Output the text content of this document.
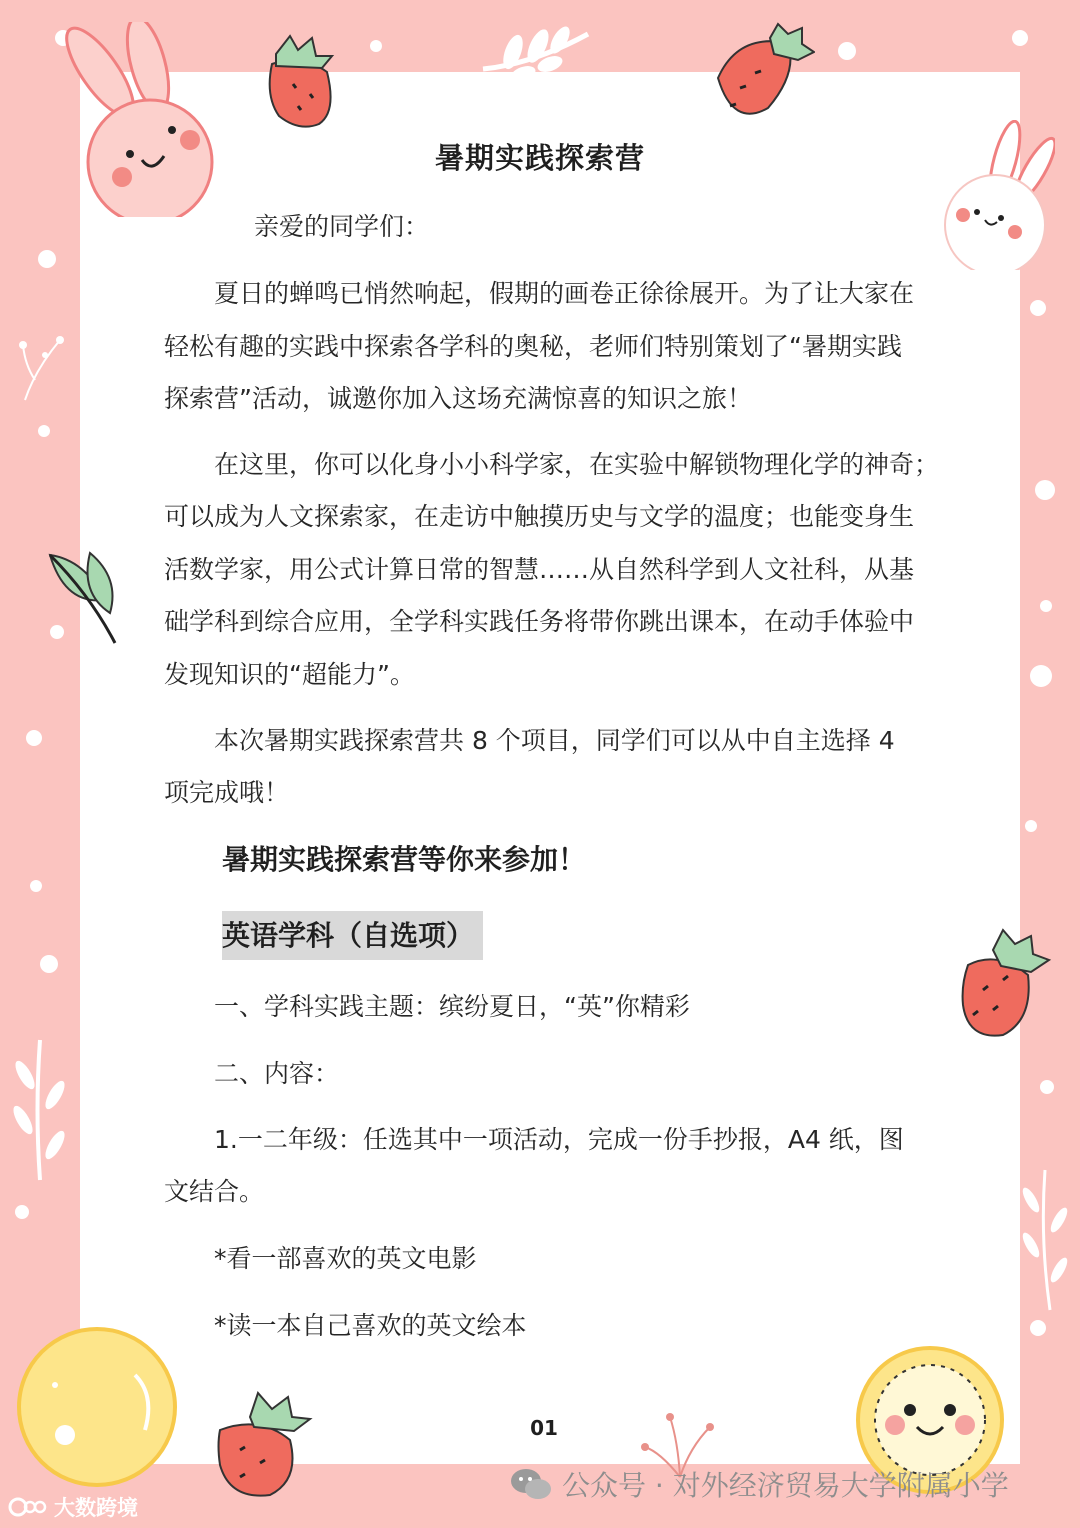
暑期实践探索营
亲爱的同学们：
夏日的蝉鸣已悄然响起，假期的画卷正徐徐展开。为了让大家在
轻松有趣的实践中探索各学科的奥秘，老师们特别策划了“暑期实践
探索营”活动，诚邀你加入这场充满惊喜的知识之旅！
在这里，你可以化身小小科学家，在实验中解锁物理化学的神奇；
可以成为人文探索家，在走访中触摸历史与文学的温度；也能变身生
活数学家，用公式计算日常的智慧……从自然科学到人文社科，从基
础学科到综合应用，全学科实践任务将带你跳出课本，在动手体验中
发现知识的“超能力”。
本次暑期实践探索营共 8 个项目，同学们可以从中自主选择 4
项完成哦！
暑期实践探索营等你来参加！
英语学科（自选项）
一、学科实践主题：缤纷夏日，“英”你精彩
二、内容：
1.一二年级：任选其中一项活动，完成一份手抄报，A4 纸，图
文结合。
*看一部喜欢的英文电影
*读一本自己喜欢的英文绘本
01
公众号 · 对外经济贸易大学附属小学
大数跨境
